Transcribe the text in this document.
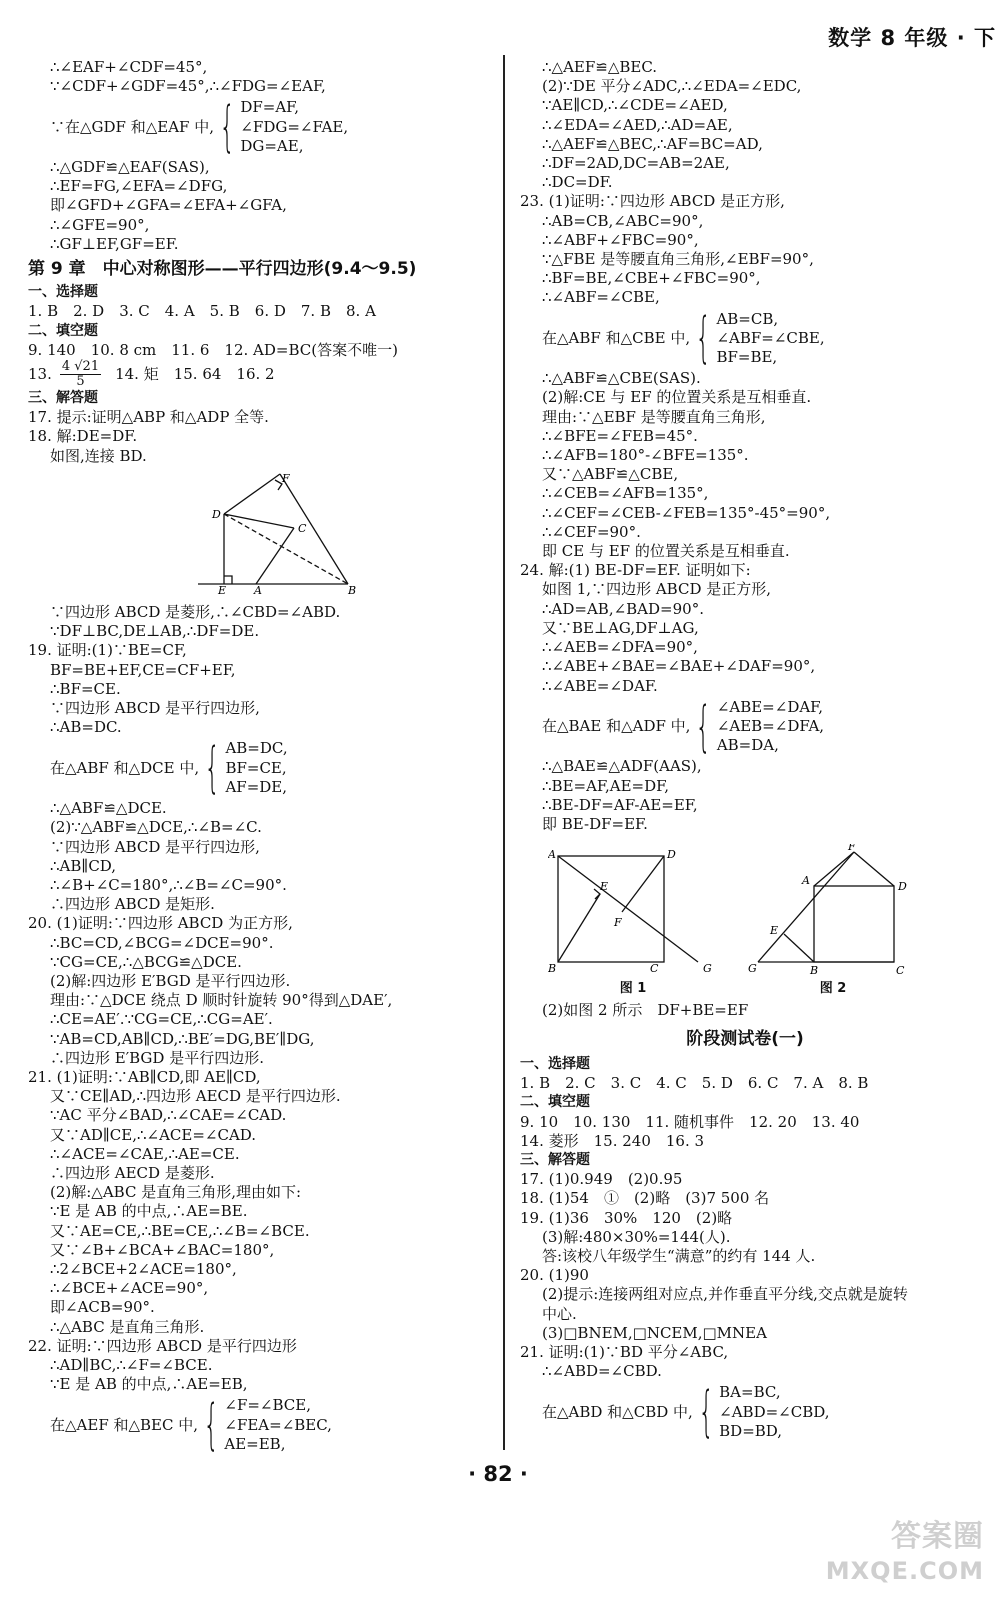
数学 8 年级 · 下
∴∠EAF+∠CDF=45°,
∵∠CDF+∠GDF=45°,∴∠FDG=∠EAF,
∵在△GDF 和△EAF 中, { DF=AF,
∠FDG=∠FAE,
DG=AE,
∴△GDF≌△EAF(SAS),
∴EF=FG,∠EFA=∠DFG,
即∠GFD+∠GFA=∠EFA+∠GFA,
∴∠GFE=90°,
∴GF⊥EF,GF=EF.
第 9 章　中心对称图形——平行四边形(9.4～9.5)
一、选择题
1. B　2. D　3. C　4. A　5. B　6. D　7. B　8. A
二、填空题
9. 140　10. 8 cm　11. 6　12. AD=BC(答案不唯一)
13. $\frac{4 √21}{5} 14$. 矩　15. 64　16. 2
三、解答题
17. 提示:证明△ABP 和△ADP 全等.
18. 解:DE=DF.
如图,连接 BD.
F
D
C
E	A	B
∵四边形 ABCD 是菱形,∴∠CBD=∠ABD.
∵DF⊥BC,DE⊥AB,∴DF=DE.
19. 证明:(1)∵BE=CF,
BF=BE+EF,CE=CF+EF,
∴BF=CE.
∵四边形 ABCD 是平行四边形,
∴AB=DC.
在△ABF 和△DCE 中, { AB=DC,
BF=CE,
AF=DE,
∴△ABF≌△DCE.
(2)∵△ABF≌△DCE,∴∠B=∠C.
∵四边形 ABCD 是平行四边形,
∴AB∥CD,
∴∠B+∠C=180°,∴∠B=∠C=90°.
∴四边形 ABCD 是矩形.
20. (1)证明:∵四边形 ABCD 为正方形,
∴BC=CD,∠BCG=∠DCE=90°.
∵CG=CE,∴△BCG≌△DCE.
(2)解:四边形 E′BGD 是平行四边形.
理由:∵△DCE 绕点 D 顺时针旋转 90°得到△DAE′,
∴CE=AE′.∵CG=CE,∴CG=AE′.
∵AB=CD,AB∥CD,∴BE′=DG,BE′∥DG,
∴四边形 E′BGD 是平行四边形.
21. (1)证明:∵AB∥CD,即 AE∥CD,
又∵CE∥AD,∴四边形 AECD 是平行四边形.
∵AC 平分∠BAD,∴∠CAE=∠CAD.
又∵AD∥CE,∴∠ACE=∠CAD.
∴∠ACE=∠CAE,∴AE=CE.
∴四边形 AECD 是菱形.
(2)解:△ABC 是直角三角形,理由如下:
∵E 是 AB 的中点,∴AE=BE.
又∵AE=CE,∴BE=CE,∴∠B=∠BCE.
又∵∠B+∠BCA+∠BAC=180°,
∴2∠BCE+2∠ACE=180°,
∴∠BCE+∠ACE=90°,
即∠ACB=90°.
∴△ABC 是直角三角形.
22. 证明:∵四边形 ABCD 是平行四边形
∴AD∥BC,∴∠F=∠BCE.
∵E 是 AB 的中点,∴AE=EB,
在△AEF 和△BEC 中, { ∠F=∠BCE,
∠FEA=∠BEC,
AE=EB,
∴△AEF≌△BEC.
(2)∵DE 平分∠ADC,∴∠EDA=∠EDC,
∵AE∥CD,∴∠CDE=∠AED,
∴∠EDA=∠AED,∴AD=AE,
∴△AEF≌△BEC,∴AF=BC=AD,
∴DF=2AD,DC=AB=2AE,
∴DC=DF.
23. (1)证明:∵四边形 ABCD 是正方形,
∴AB=CB,∠ABC=90°,
∴∠ABF+∠FBC=90°,
∵△FBE 是等腰直角三角形,∠EBF=90°,
∴BF=BE,∠CBE+∠FBC=90°,
∴∠ABF=∠CBE,
在△ABF 和△CBE 中, { AB=CB,
∠ABF=∠CBE,
BF=BE,
∴△ABF≌△CBE(SAS).
(2)解:CE 与 EF 的位置关系是互相垂直.
理由:∵△EBF 是等腰直角三角形,
∴∠BFE=∠FEB=45°.
∴∠AFB=180°-∠BFE=135°.
又∵△ABF≌△CBE,
∴∠CEB=∠AFB=135°,
∴∠CEF=∠CEB-∠FEB=135°-45°=90°,
∴∠CEF=90°.
即 CE 与 EF 的位置关系是互相垂直.
24. 解:(1) BE-DF=EF. 证明如下:
如图 1,∵四边形 ABCD 是正方形,
∴AD=AB,∠BAD=90°.
又∵BE⊥AG,DF⊥AG,
∴∠AEB=∠DFA=90°,
∴∠ABE+∠BAE=∠BAE+∠DAF=90°,
∴∠ABE=∠DAF.
在△BAE 和△ADF 中, { ∠ABE=∠DAF,
∠AEB=∠DFA,
AB=DA,
∴△BAE≌△ADF(AAS),
∴BE=AF,AE=DF,
∴BE-DF=AF-AE=EF,
即 BE-DF=EF.
A	D
E
F
B	C	G
图 1
F
A	D
E
G	B	C
图 2
(2)如图 2 所示　DF+BE=EF
阶段测试卷(一)
一、选择题
1. B　2. C　3. C　4. C　5. D　6. C　7. A　8. B
二、填空题
9. 10　10. 130　11. 随机事件　12. 20　13. 40
14. 菱形　15. 240　16. 3
三、解答题
17. (1)0.949　(2)0.95
18. (1)54　①　(2)略　(3)7 500 名
19. (1)36　30%　120　(2)略
(3)解:480×30%=144(人).
答:该校八年级学生“满意”的约有 144 人.
20. (1)90
(2)提示:连接两组对应点,并作垂直平分线,交点就是旋转
中心.
(3)□BNEM,□NCEM,□MNEA
21. 证明:(1)∵BD 平分∠ABC,
∴∠ABD=∠CBD.
在△ABD 和△CBD 中, { BA=BC,
∠ABD=∠CBD,
BD=BD,
· 82 ·
答案圈
MXQE.COM
